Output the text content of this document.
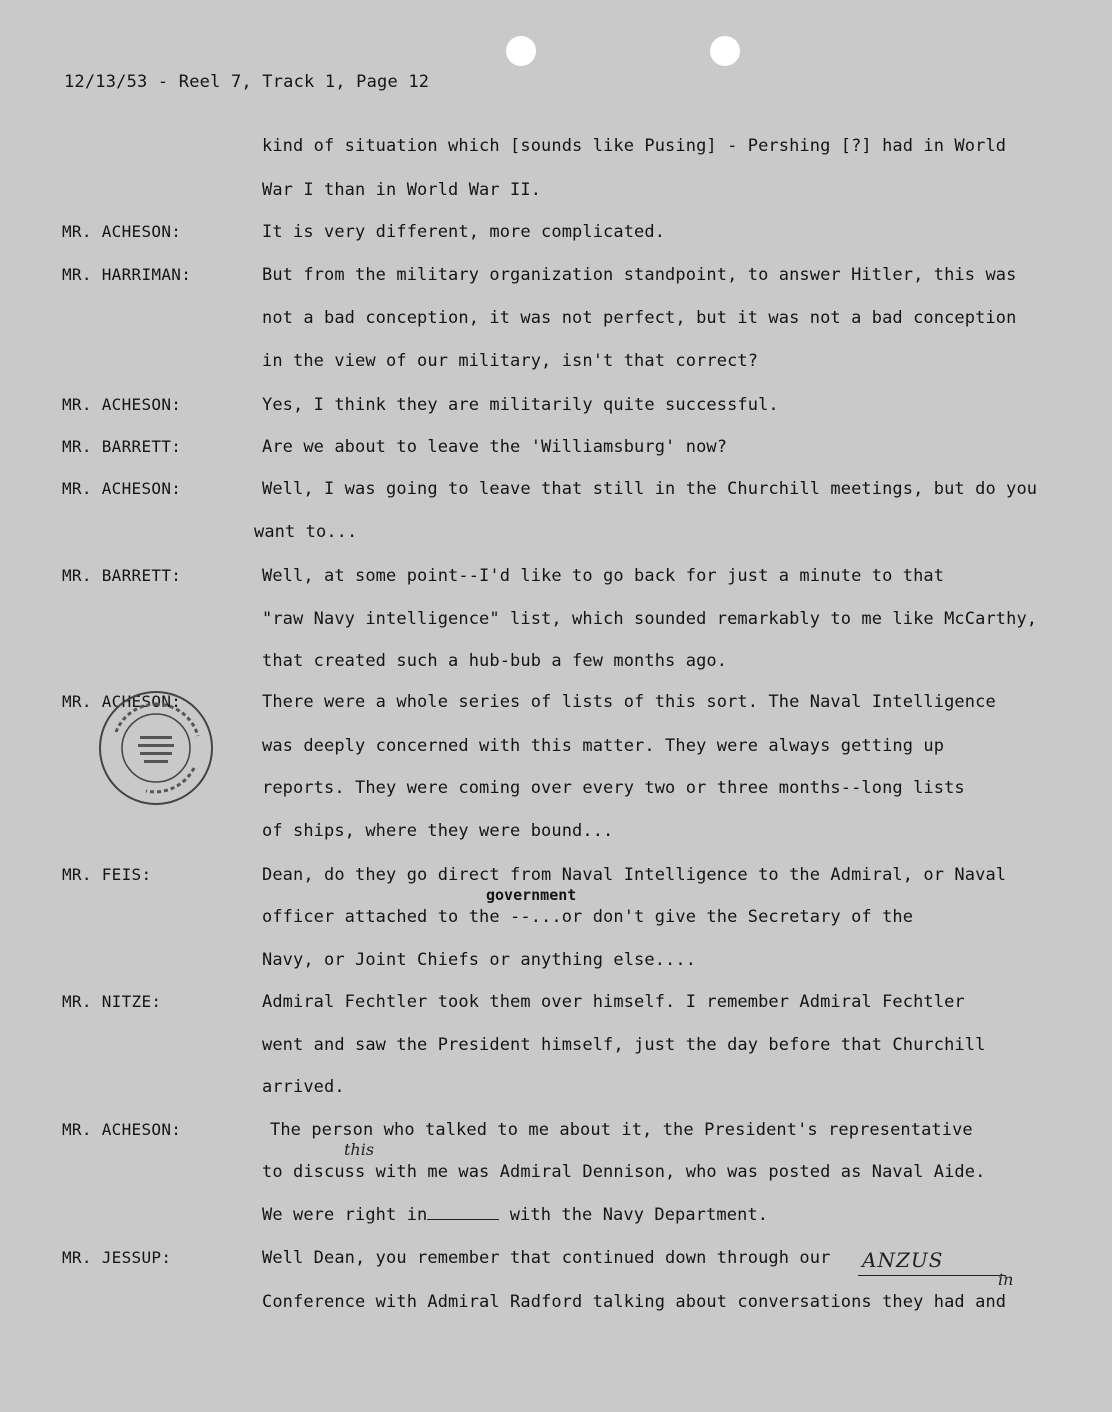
12/13/53 - Reel 7, Track 1, Page 12
MR. ACHESON:
MR. HARRIMAN:
MR. ACHESON:
MR. BARRETT:
MR. ACHESON:
MR. BARRETT:
MR. ACHESON:
MR. FEIS:
MR. NITZE:
MR. ACHESON:
MR. JESSUP:
kind of situation which [sounds like Pusing] - Pershing [?] had in World
War I than in World War II.
It is very different, more complicated.
But from the military organization standpoint, to answer Hitler, this was
not a bad conception, it was not perfect, but it was not a bad conception
in the view of our military, isn't that correct?
Yes, I think they are militarily quite successful.
Are we about to leave the 'Williamsburg' now?
Well, I was going to leave that still in the Churchill meetings, but do you
want to...
Well, at some point--I'd like to go back for just a minute to that
"raw Navy intelligence" list, which sounded remarkably to me like McCarthy,
that created such a hub-bub a few months ago.
There were a whole series of lists of this sort. The Naval Intelligence
was deeply concerned with this matter. They were always getting up
reports. They were coming over every two or three months--long lists
of ships, where they were bound...
Dean, do they go direct from Naval Intelligence to the Admiral, or Naval
officer attached to the --...or don't give the Secretary of the
Navy, or Joint Chiefs or anything else....
Admiral Fechtler took them over himself. I remember Admiral Fechtler
went and saw the President himself, just the day before that Churchill
arrived.
The person who talked to me about it, the President's representative
to discuss with me was Admiral Dennison, who was posted as Naval Aide.
We were right in	with the Navy Department.
Well Dean, you remember that continued down through our
Conference with Admiral Radford talking about conversations they had and
government
this
in
ANZUS
